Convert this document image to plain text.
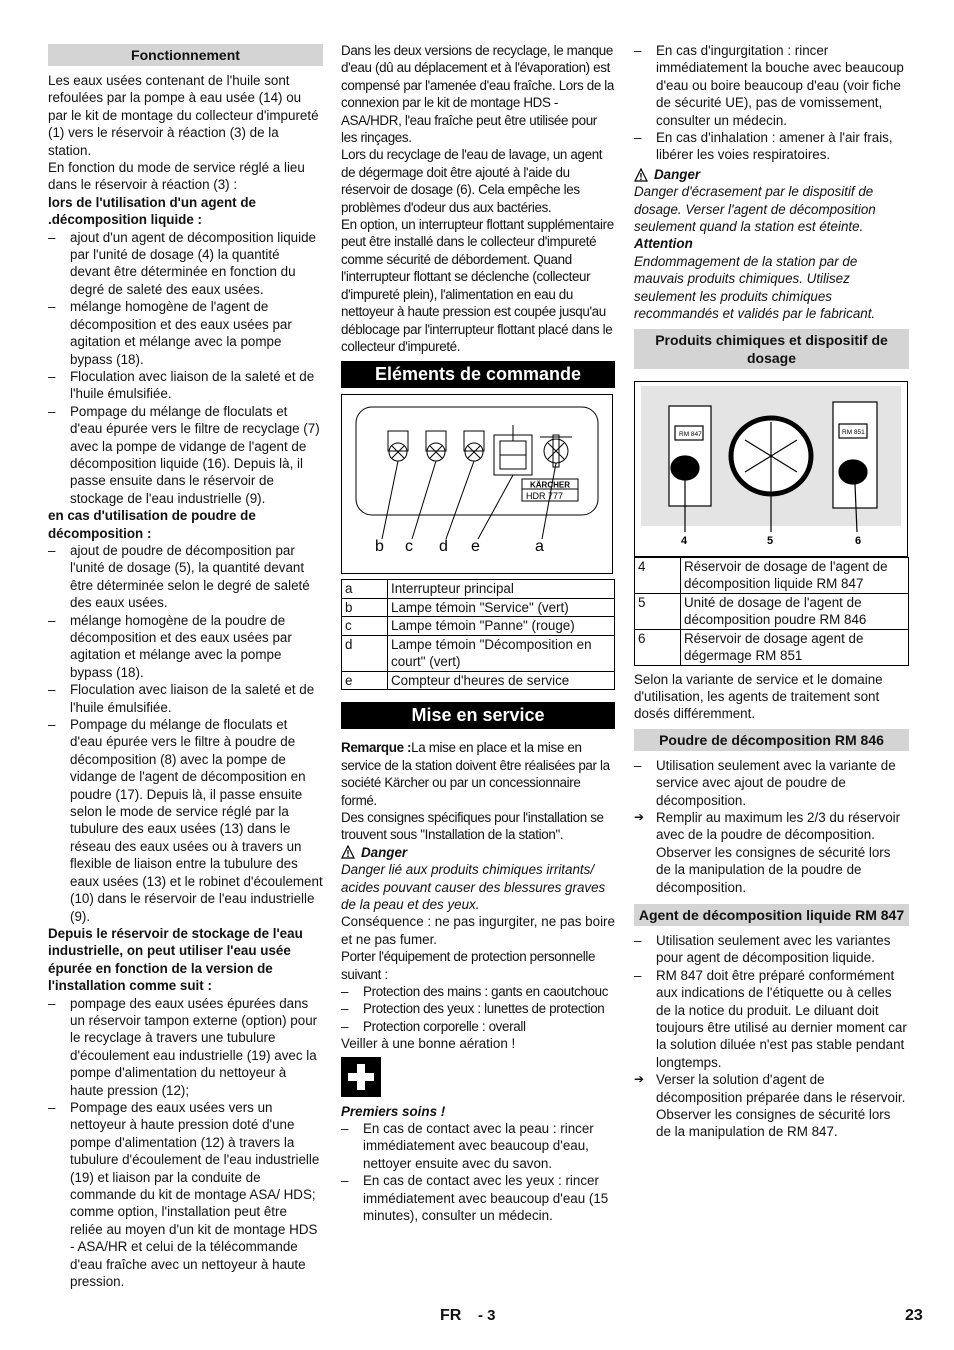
Fonctionnement

Les eaux usées contenant de l'huile sont refoulées par la pompe à eau usée (14) ou par le kit de montage du collecteur d'impureté (1) vers le réservoir à réaction (3) de la station.

En fonction du mode de service réglé a lieu dans le réservoir à réaction (3) :

lors de l'utilisation d'un agent de .décomposition liquide :

– ajout d'un agent de décomposition liquide par l'unité de dosage (4) la quantité devant être déterminée en fonction du degré de saleté des eaux usées.

– mélange homogène de l'agent de décomposition et des eaux usées par agitation et mélange avec la pompe bypass (18).

– Floculation avec liaison de la saleté et de l'huile émulsifiée.

– Pompage du mélange de floculats et d'eau épurée vers le filtre de recyclage (7) avec la pompe de vidange de l'agent de décomposition liquide (16). Depuis là, il passe ensuite dans le réservoir de stockage de l'eau industrielle (9).

en cas d'utilisation de poudre de décomposition :

– ajout de poudre de décomposition par l'unité de dosage (5), la quantité devant être déterminée selon le degré de saleté des eaux usées.

– mélange homogène de la poudre de décomposition et des eaux usées par agitation et mélange avec la pompe bypass (18).

– Floculation avec liaison de la saleté et de l'huile émulsifiée.

– Pompage du mélange de floculats et d'eau épurée vers le filtre à poudre de décomposition (8) avec la pompe de vidange de l'agent de décomposition en poudre (17). Depuis là, il passe ensuite selon le mode de service réglé par la tubulure des eaux usées (13) dans le réseau des eaux usées ou à travers un flexible de liaison entre la tubulure des eaux usées (13) et le robinet d'écoulement (10) dans le réservoir de l'eau industrielle (9).

Depuis le réservoir de stockage de l'eau industrielle, on peut utiliser l'eau usée épurée en fonction de la version de l'installation comme suit :

– pompage des eaux usées épurées dans un réservoir tampon externe (option) pour le recyclage à travers une tubulure d'écoulement eau industrielle (19) avec la pompe d'alimentation du nettoyeur à haute pression (12);

– Pompage des eaux usées vers un nettoyeur à haute pression doté d'une pompe d'alimentation (12) à travers la tubulure d'écoulement de l'eau industrielle (19) et liaison par la conduite de commande du kit de montage ASA/ HDS;

comme option, l'installation peut être reliée au moyen d'un kit de montage HDS - ASA/HR et celui de la télécommande d'eau fraîche avec un nettoyeur à haute pression.

Dans les deux versions de recyclage, le manque d'eau (dû au déplacement et à l'évaporation) est compensé par l'amenée d'eau fraîche. Lors de la connexion par le kit de montage HDS - ASA/HDR, l'eau fraîche peut être utilisée pour les rinçages.

Lors du recyclage de l'eau de lavage, un agent de dégermage doit être ajouté à l'aide du réservoir de dosage (6). Cela empêche les problèmes d'odeur dus aux bactéries.

En option, un interrupteur flottant supplémentaire peut être installé dans le collecteur d'impureté comme sécurité de débordement. Quand l'interrupteur flottant se déclenche (collecteur d'impureté plein), l'alimentation en eau du nettoyeur à haute pression est coupée jusqu'au déblocage par l'interrupteur flottant placé dans le collecteur d'impureté.

Eléments de commande
KÄRCHER
HDR 777
b c d e	a
a	Interrupteur principal
b	Lampe témoin "Service" (vert)
c	Lampe témoin "Panne" (rouge)
d	Lampe témoin "Décomposition en court" (vert)
e	Compteur d'heures de service
Mise en service

Remarque :La mise en place et la mise en service de la station doivent être réalisées par la société Kärcher ou par un concessionnaire formé.

Des consignes spécifiques pour l'installation se trouvent sous "Installation de la station".

Danger

Danger lié aux produits chimiques irritants/ acides pouvant causer des blessures graves de la peau et des yeux.

Conséquence : ne pas ingurgiter, ne pas boire et ne pas fumer.

Porter l'équipement de protection personnelle suivant :

– Protection des mains : gants en caoutchouc

– Protection des yeux : lunettes de protection

– Protection corporelle : overall

Veiller à une bonne aération !

Premiers soins !

– En cas de contact avec la peau : rincer immédiatement avec beaucoup d'eau, nettoyer ensuite avec du savon.

– En cas de contact avec les yeux : rincer immédiatement avec beaucoup d'eau (15 minutes), consulter un médecin.

– En cas d'ingurgitation : rincer immédiatement la bouche avec beaucoup d'eau ou boire beaucoup d'eau (voir fiche de sécurité UE), pas de vomissement, consulter un médecin.

– En cas d'inhalation : amener à l'air frais, libérer les voies respiratoires.

Danger

Danger d'écrasement par le dispositif de dosage. Verser l'agent de décomposition seulement quand la station est éteinte.

Attention

Endommagement de la station par de mauvais produits chimiques. Utilisez seulement les produits chimiques recommandés et validés par le fabricant.

Produits chimiques et dispositif de dosage
RM 847	RM 851
4	5	6
4	Réservoir de dosage de l'agent de décomposition liquide RM 847
5	Unité de dosage de l'agent de décomposition poudre RM 846
6	Réservoir de dosage agent de dégermage RM 851

Selon la variante de service et le domaine d'utilisation, les agents de traitement sont dosés différemment.

Poudre de décomposition RM 846

– Utilisation seulement avec la variante de service avec ajout de poudre de décomposition.

➔ Remplir au maximum les 2/3 du réservoir avec de la poudre de décomposition. Observer les consignes de sécurité lors de la manipulation de la poudre de décomposition.

Agent de décomposition liquide RM 847

– Utilisation seulement avec les variantes pour agent de décomposition liquide.

– RM 847 doit être préparé conformément aux indications de l'étiquette ou à celles de la notice du produit. Le diluant doit toujours être utilisé au dernier moment car la solution diluée n'est pas stable pendant longtemps.

➔ Verser la solution d'agent de décomposition préparée dans le réservoir. Observer les consignes de sécurité lors de la manipulation de RM 847.

FR - 3	23
